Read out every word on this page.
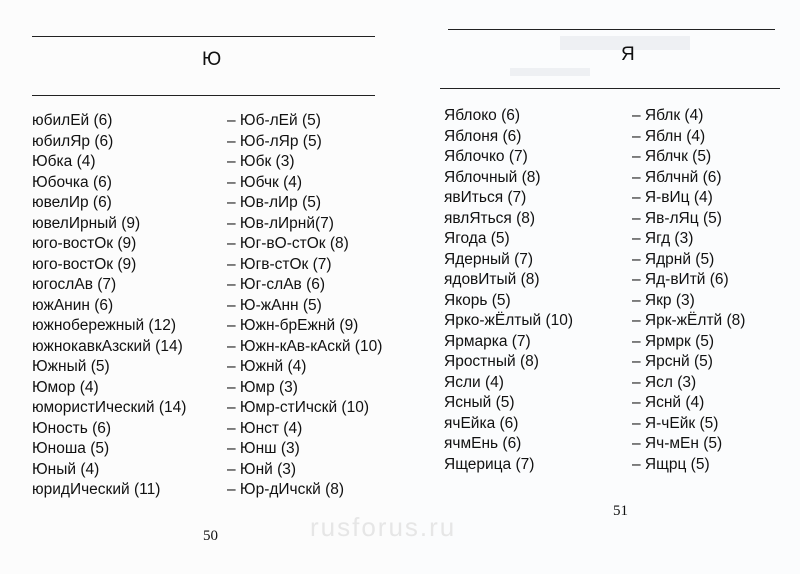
Ю
юбилЕй (6)	– Юб-лЕй (5)
юбилЯр (6)	– Юб-лЯр (5)
Юбка (4)	– Юбк (3)
Юбочка (6)	– Юбчк (4)
ювелИр (6)	– Юв-лИр (5)
ювелИрный (9)	– Юв-лИрнй(7)
юго-востОк (9)	– Юг-вО-стОк (8)
юго-востОк (9)	– Югв-стОк (7)
югослАв (7)	– Юг-слАв (6)
южАнин (6)	– Ю-жАнн (5)
южнобережный (12)	– Южн-брЕжнй (9)
южнокавкАзский (14)	– Южн-кАв-кАскй (10)
Южный (5)	– Южнй (4)
Юмор (4)	– Юмр (3)
юмористИческий (14)	– Юмр-стИчскй (10)
Юность (6)	– Юнст (4)
Юноша (5)	– Юнш (3)
Юный (4)	– Юнй (3)
юридИческий (11)	– Юр-дИчскй (8)
50
Я
Яблоко (6)	– Яблк (4)
Яблоня (6)	– Яблн (4)
Яблочко (7)	– Яблчк (5)
Яблочный (8)	– Яблчнй (6)
явИться (7)	– Я-вИц (4)
явлЯться (8)	– Яв-лЯц (5)
Ягода (5)	– Ягд (3)
Ядерный (7)	– Ядрнй (5)
ядовИтый (8)	– Яд-вИтй (6)
Якорь (5)	– Якр (3)
Ярко-жЁлтый (10)	– Ярк-жЁлтй (8)
Ярмарка (7)	– Ярмрк (5)
Яростный (8)	– Ярснй (5)
Ясли (4)	– Ясл (3)
Ясный (5)	– Яснй (4)
ячЕйка (6)	– Я-чЕйк (5)
ячмЕнь (6)	– Яч-мЕн (5)
Ящерица (7)	– Ящрц (5)
51
rusforus.ru
